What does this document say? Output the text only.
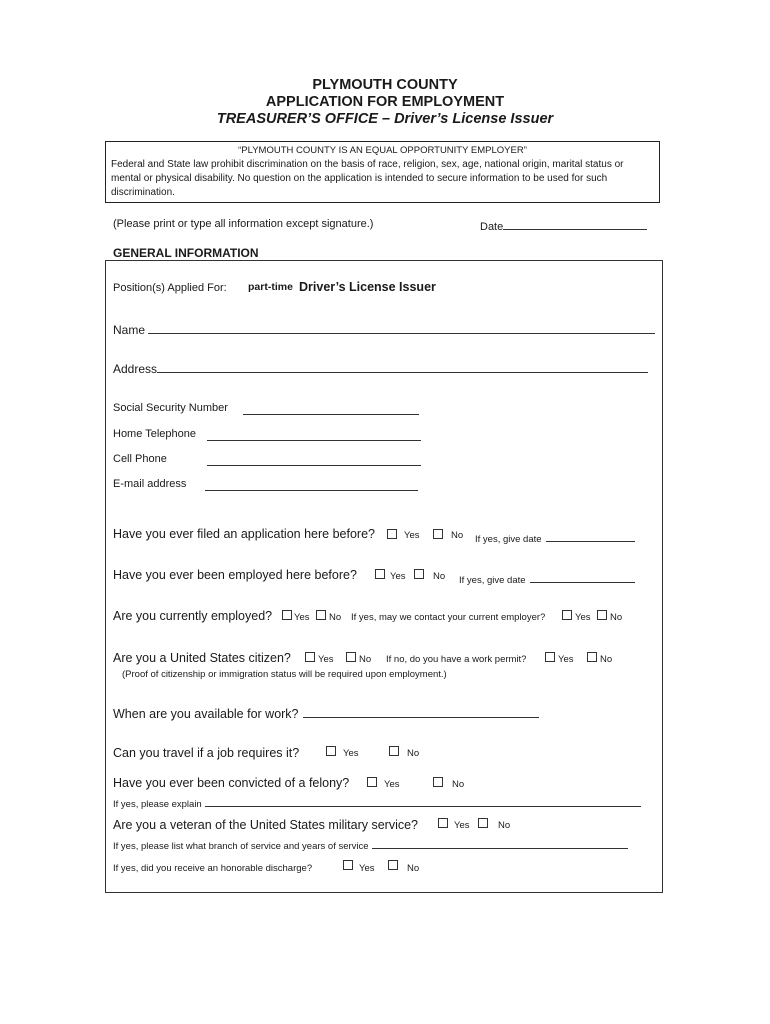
PLYMOUTH COUNTY
APPLICATION FOR EMPLOYMENT
TREASURER’S OFFICE – Driver’s License Issuer
“PLYMOUTH COUNTY IS AN EQUAL OPPORTUNITY EMPLOYER”
Federal and State law prohibit discrimination on the basis of race, religion, sex, age, national origin, marital status or
mental or physical disability. No question on the application is intended to secure information to be used for such
discrimination.
(Please print or type all information except signature.)	Date
GENERAL INFORMATION
Position(s) Applied For: part-time Driver’s License Issuer
Name
Address
Social Security Number
Home Telephone
Cell Phone
E-mail address
Have you ever filed an application here before?	Yes	No If yes, give date
Have you ever been employed here before?	Yes	No If yes, give date
Are you currently employed? Yes No If yes, may we contact your current employer?	Yes No
Are you a United States citizen?	Yes	No If no, do you have a work permit?	Yes	No
(Proof of citizenship or immigration status will be required upon employment.)
When are you available for work?
Can you travel if a job requires it?	Yes	No
Have you ever been convicted of a felony?	Yes	No
If yes, please explain
Are you a veteran of the United States military service?	Yes	No
If yes, please list what branch of service and years of service
If yes, did you receive an honorable discharge?	Yes	No
